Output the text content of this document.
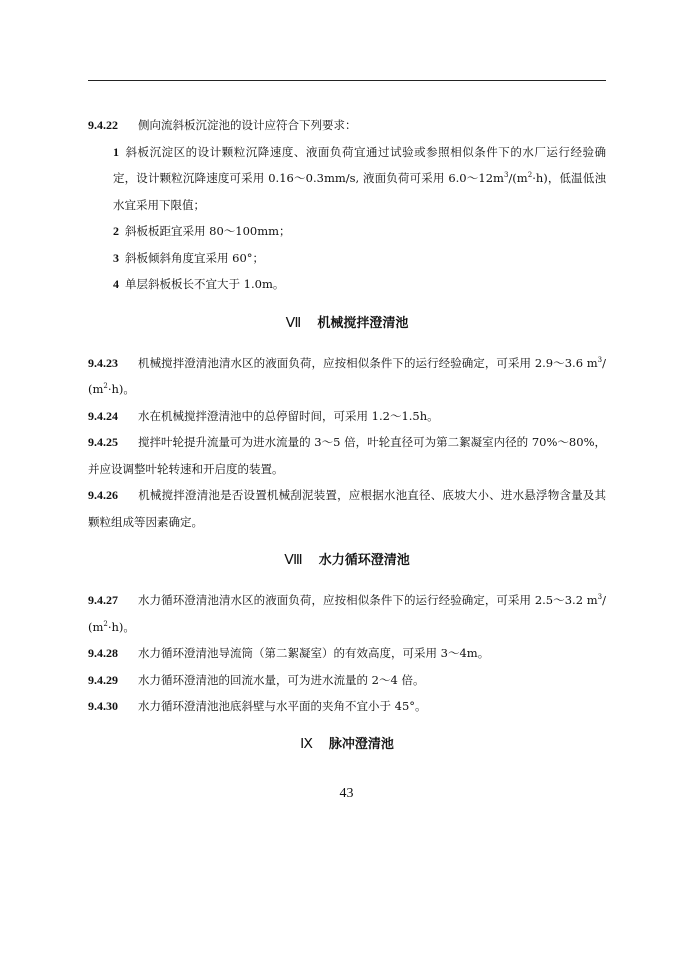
9.4.22 侧向流斜板沉淀池的设计应符合下列要求：

1 斜板沉淀区的设计颗粒沉降速度、液面负荷宜通过试验或参照相似条件下的水厂运行经验确定，设计颗粒沉降速度可采用 0.16～0.3mm/s, 液面负荷可采用 $6.0\sim 12m^3/(m^2\cdot h)$，低温低浊水宜采用下限值；

2 斜板板距宜采用 80～100mm；

3 斜板倾斜角度宜采用 60°；

4 单层斜板板长不宜大于 1.0m。

Ⅶ 机械搅拌澄清池

9.4.23 机械搅拌澄清池清水区的液面负荷，应按相似条件下的运行经验确定，可采用 2.9～3.6 $m^3/(m^2\cdot h)$。

9.4.24 水在机械搅拌澄清池中的总停留时间，可采用 1.2～1.5h。

9.4.25 搅拌叶轮提升流量可为进水流量的 3～5 倍，叶轮直径可为第二絮凝室内径的 70%～80%，并应设调整叶轮转速和开启度的装置。

9.4.26 机械搅拌澄清池是否设置机械刮泥装置，应根据水池直径、底坡大小、进水悬浮物含量及其颗粒组成等因素确定。

Ⅷ 水力循环澄清池

9.4.27 水力循环澄清池清水区的液面负荷，应按相似条件下的运行经验确定，可采用 2.5～3.2 $m^3/(m^2\cdot h)$。

9.4.28 水力循环澄清池导流筒（第二絮凝室）的有效高度，可采用 3～4m。

9.4.29 水力循环澄清池的回流水量，可为进水流量的 2～4 倍。

9.4.30 水力循环澄清池池底斜壁与水平面的夹角不宜小于 45°。

Ⅸ 脉冲澄清池

43
